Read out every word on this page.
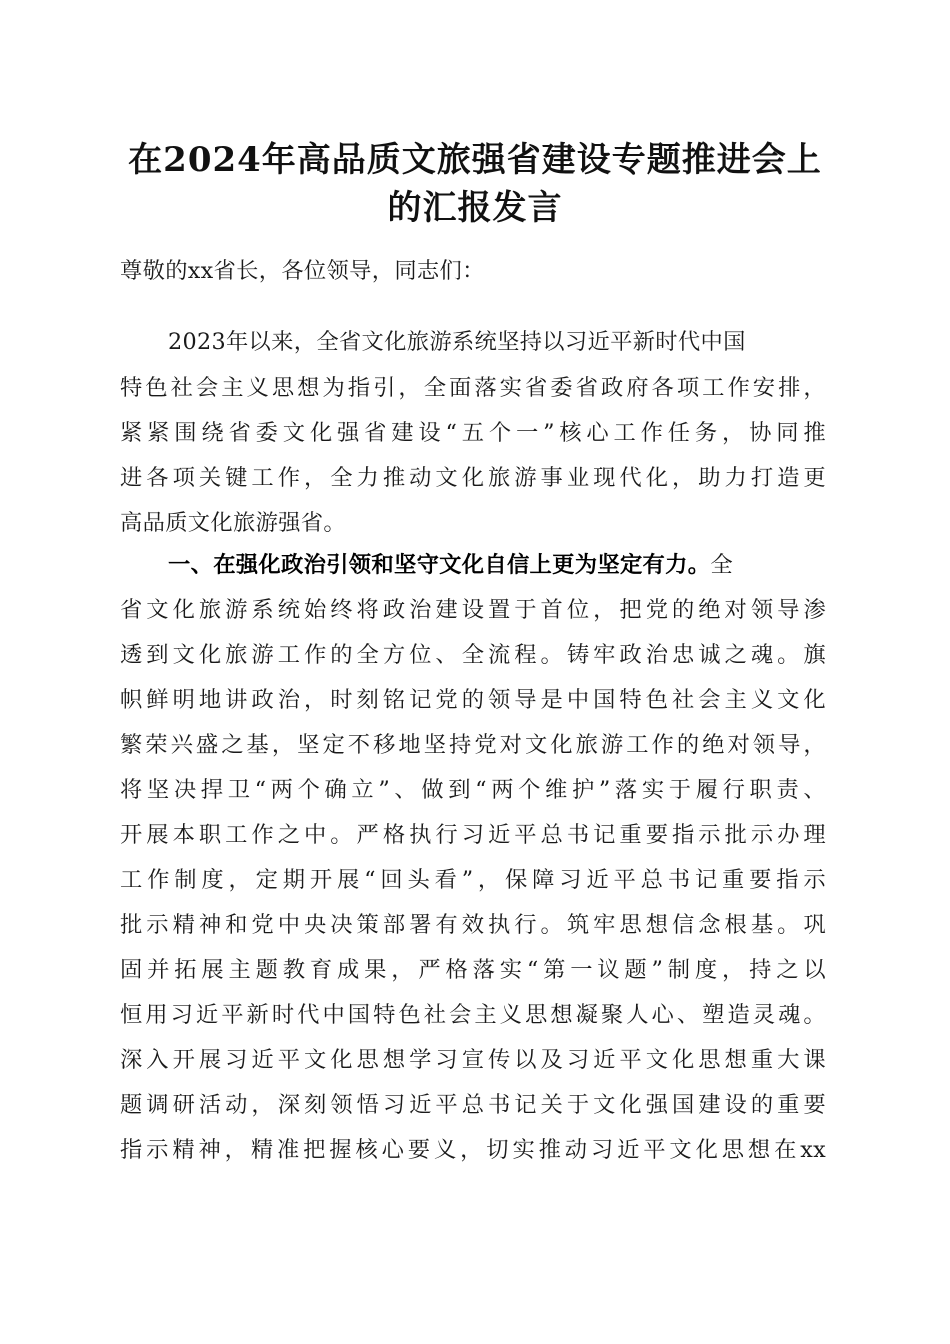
在2024年高品质文旅强省建设专题推进会上
的汇报发言
尊敬的xx省长，各位领导，同志们：
2023年以来，全省文化旅游系统坚持以习近平新时代中国
特色社会主义思想为指引，全面落实省委省政府各项工作安排，
紧紧围绕省委文化强省建设“五个一”核心工作任务，协同推
进各项关键工作，全力推动文化旅游事业现代化，助力打造更
高品质文化旅游强省。
一、在强化政治引领和坚守文化自信上更为坚定有力。全
省文化旅游系统始终将政治建设置于首位，把党的绝对领导渗
透到文化旅游工作的全方位、全流程。铸牢政治忠诚之魂。旗
帜鲜明地讲政治，时刻铭记党的领导是中国特色社会主义文化
繁荣兴盛之基，坚定不移地坚持党对文化旅游工作的绝对领导，
将坚决捍卫“两个确立”、做到“两个维护”落实于履行职责、
开展本职工作之中。严格执行习近平总书记重要指示批示办理
工作制度，定期开展“回头看”，保障习近平总书记重要指示
批示精神和党中央决策部署有效执行。筑牢思想信念根基。巩
固并拓展主题教育成果，严格落实“第一议题”制度，持之以
恒用习近平新时代中国特色社会主义思想凝聚人心、塑造灵魂。
深入开展习近平文化思想学习宣传以及习近平文化思想重大课
题调研活动，深刻领悟习近平总书记关于文化强国建设的重要
指示精神，精准把握核心要义，切实推动习近平文化思想在xx
